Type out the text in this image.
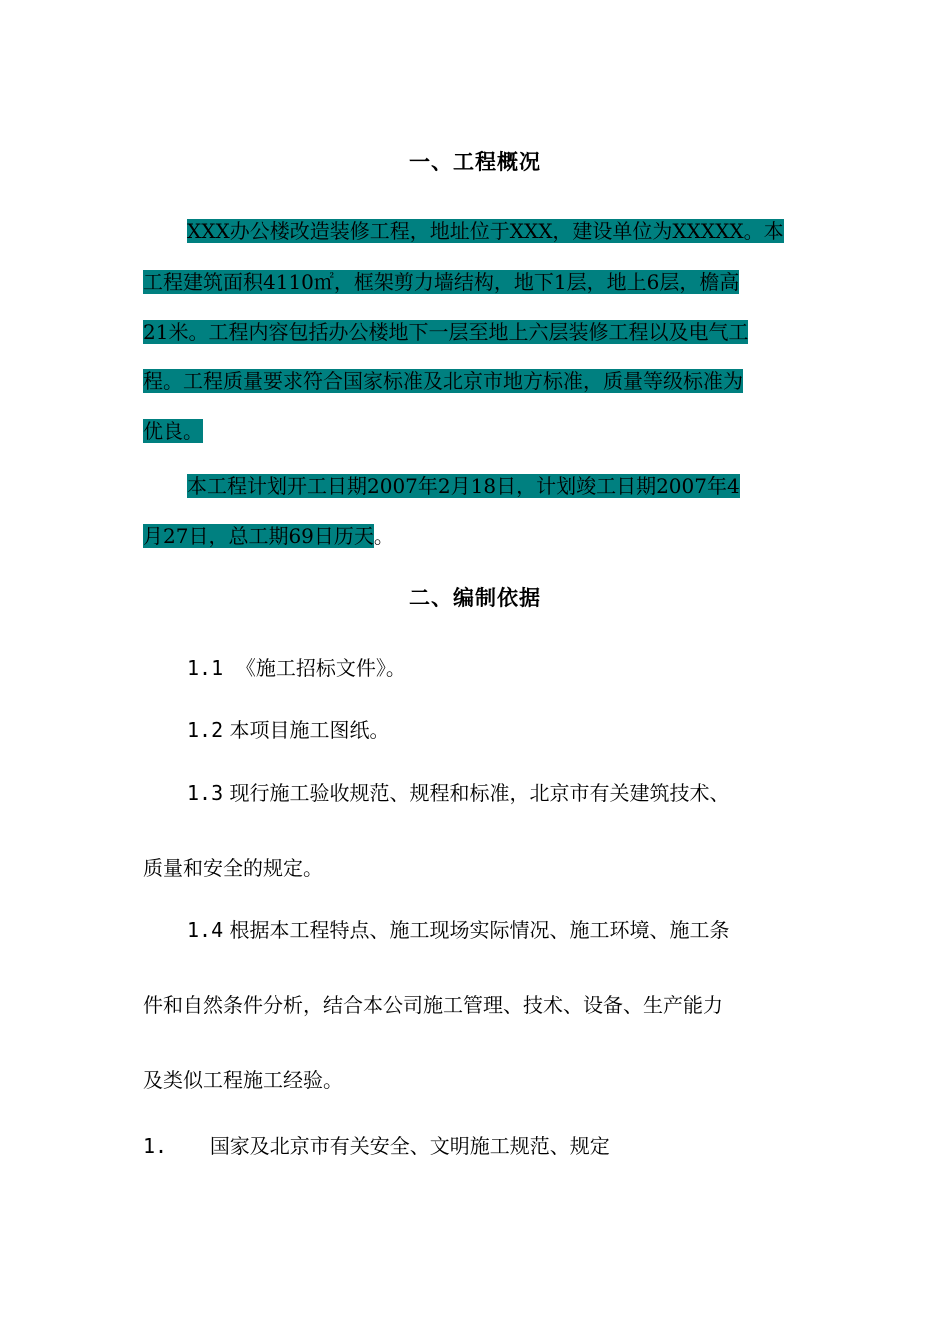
一、工程概况
XXX办公楼改造装修工程，地址位于XXX，建设单位为XXXXX。本
工程建筑面积4110㎡，框架剪力墙结构，地下1层，地上6层，檐高
21米。工程内容包括办公楼地下一层至地上六层装修工程以及电气工
程。工程质量要求符合国家标准及北京市地方标准，质量等级标准为
优良。
本工程计划开工日期2007年2月18日，计划竣工日期2007年4
月27日，总工期69日历天。
二、编制依据
1.1 《施工招标文件》。
1.2 本项目施工图纸。
1.3 现行施工验收规范、规程和标准，北京市有关建筑技术、
质量和安全的规定。
1.4 根据本工程特点、施工现场实际情况、施工环境、施工条
件和自然条件分析，结合本公司施工管理、技术、设备、生产能力
及类似工程施工经验。
1. 国家及北京市有关安全、文明施工规范、规定
